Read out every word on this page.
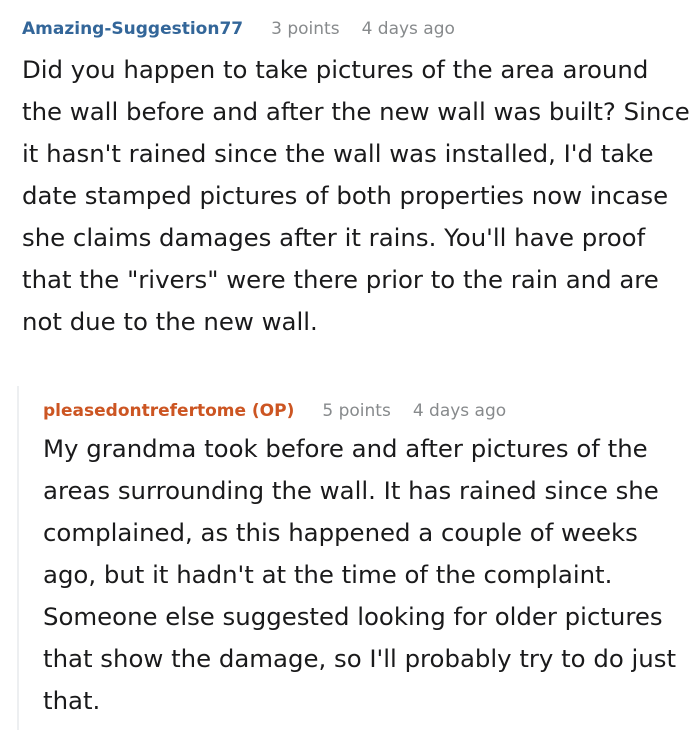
Amazing-Suggestion77 3 points 4 days ago

Did you happen to take pictures of the area around the wall before and after the new wall was built? Since it hasn't rained since the wall was installed, I'd take date stamped pictures of both properties now incase she claims damages after it rains. You'll have proof that the "rivers" were there prior to the rain and are not due to the new wall.

pleasedontrefertome (OP) 5 points 4 days ago

My grandma took before and after pictures of the areas surrounding the wall. It has rained since she complained, as this happened a couple of weeks ago, but it hadn't at the time of the complaint. Someone else suggested looking for older pictures that show the damage, so I'll probably try to do just that.
